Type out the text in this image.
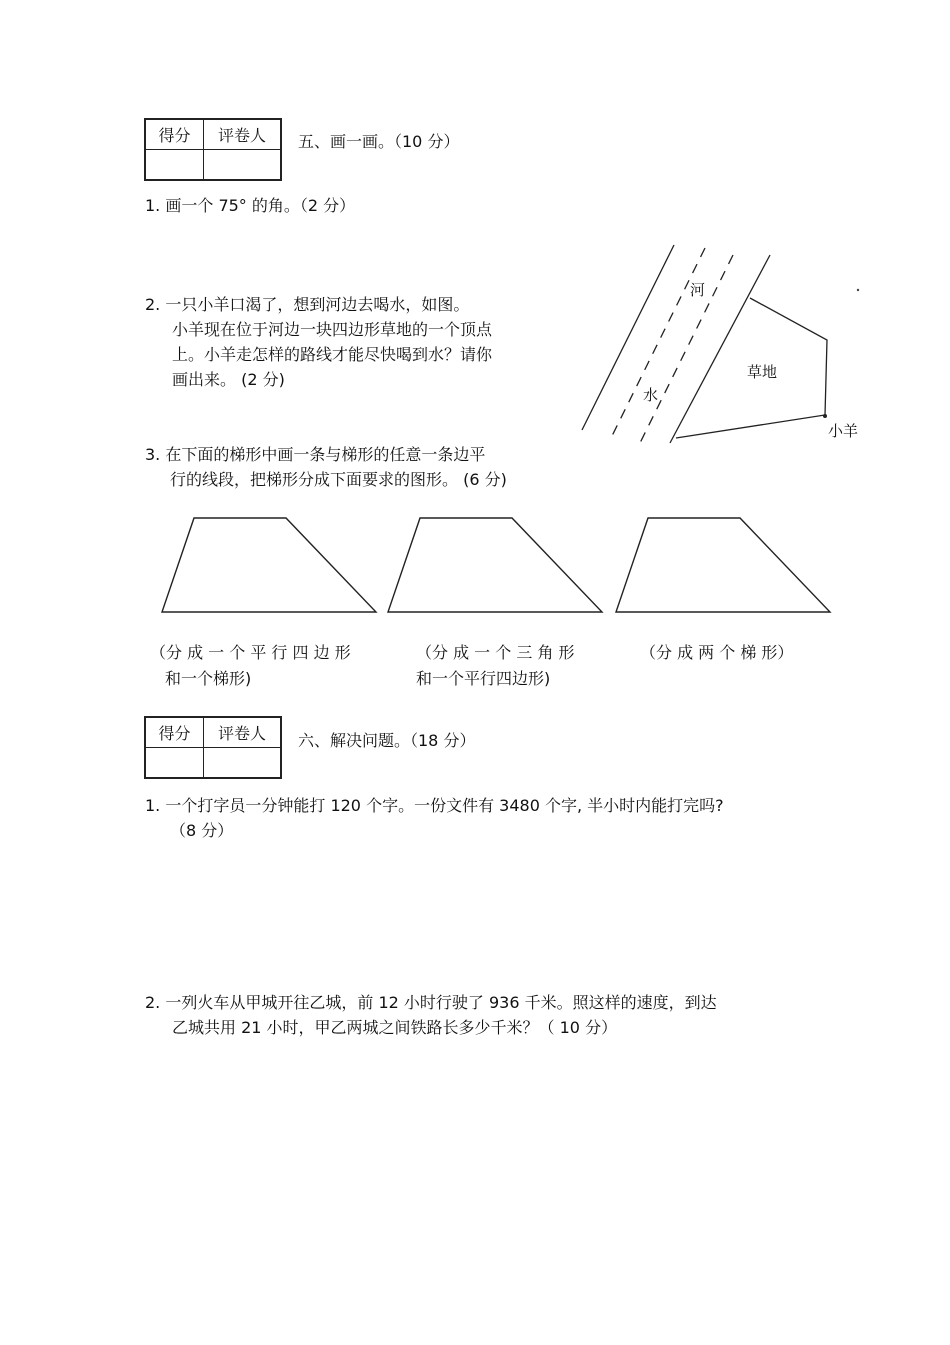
得分	评卷人
	五、画一画。（10 分）
1. 画一个 75° 的角。（2 分）
2. 一只小羊口渴了，想到河边去喝水，如图。
小羊现在位于河边一块四边形草地的一个顶点
上。小羊走怎样的路线才能尽快喝到水？请你
画出来。 (2 分)
河
水
草地
小羊
3. 在下面的梯形中画一条与梯形的任意一条边平
行的线段，把梯形分成下面要求的图形。 (6 分)
（分 成 一 个 平 行 四 边 形
和一个梯形)
（分 成 一 个 三 角 形
和一个平行四边形)
（分 成 两 个 梯 形）
得分	评卷人
	六、解决问题。（18 分）
1. 一个打字员一分钟能打 120 个字。一份文件有 3480 个字, 半小时内能打完吗?
（8 分）
2. 一列火车从甲城开往乙城，前 12 小时行驶了 936 千米。照这样的速度，到达
乙城共用 21 小时，甲乙两城之间铁路长多少千米？（ 10 分）
